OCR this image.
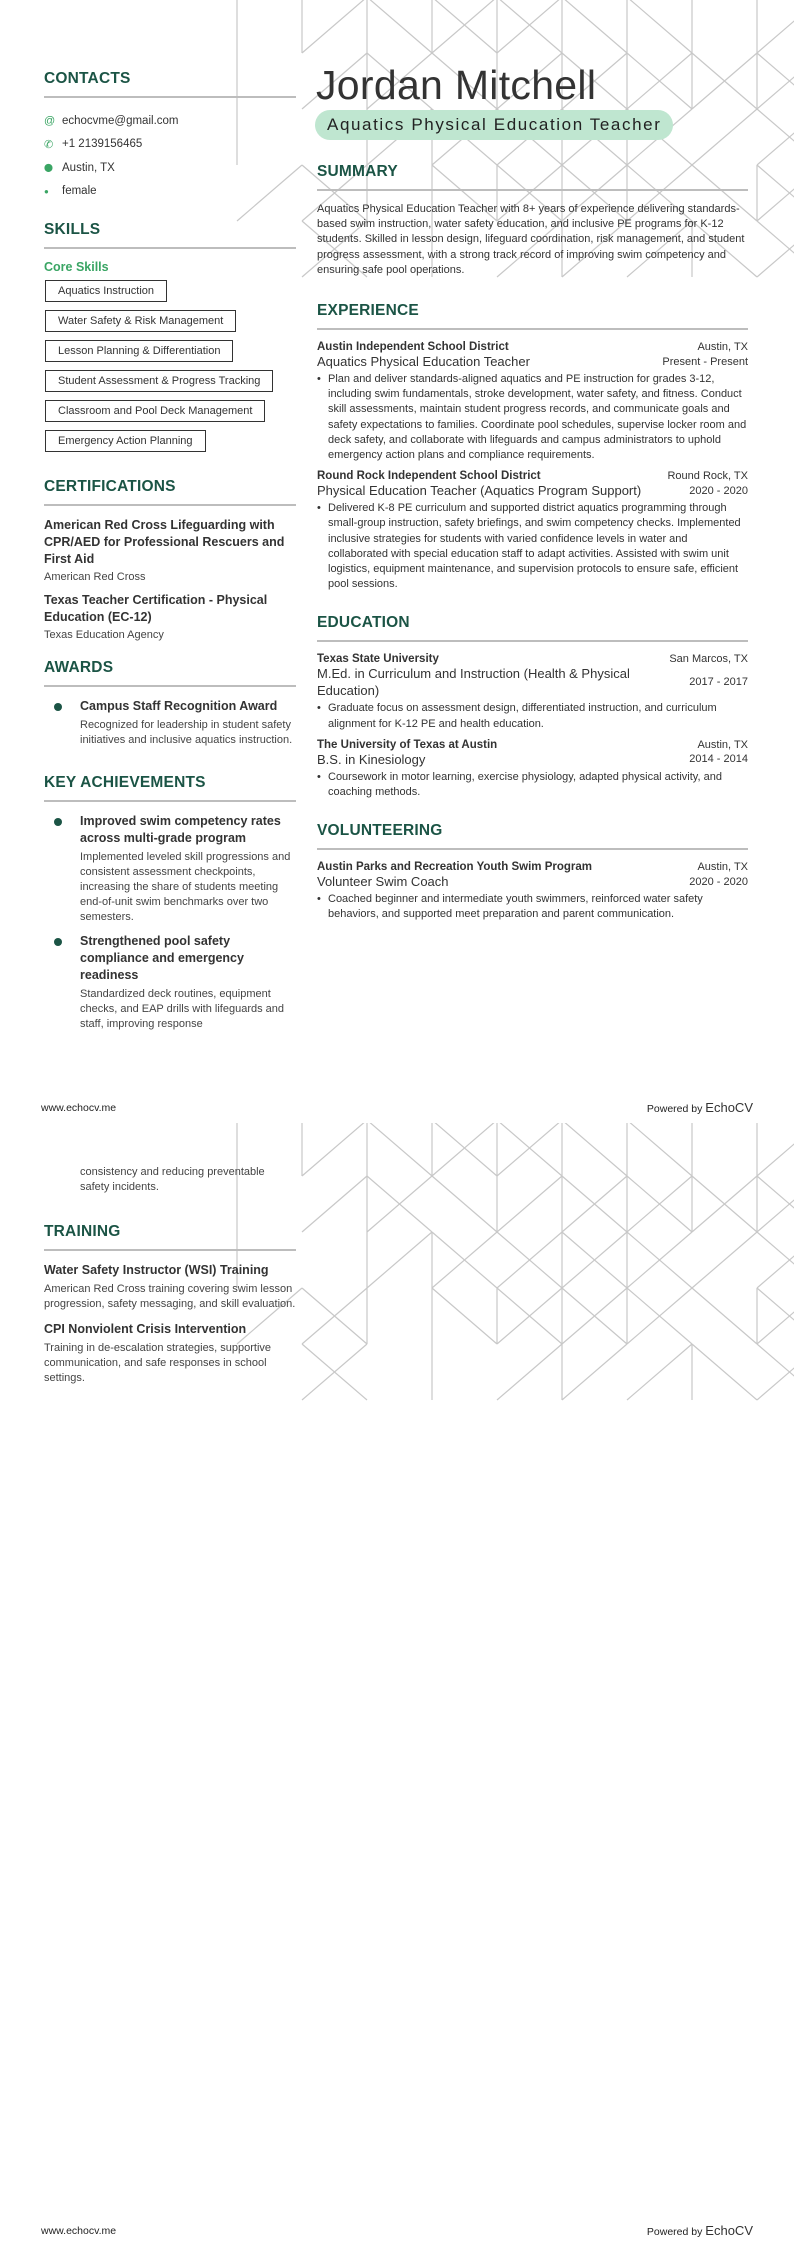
Jordan Mitchell
Aquatics Physical Education Teacher
CONTACTS
@ echocvme@gmail.com
✆ +1 2139156465
⬤ Austin, TX
●	female
SKILLS
Core Skills
Aquatics Instruction
Water Safety & Risk Management
Lesson Planning & Differentiation
Student Assessment & Progress Tracking
Classroom and Pool Deck Management
Emergency Action Planning

CERTIFICATIONS
American Red Cross Lifeguarding with CPR/AED for Professional Rescuers and First Aid
American Red Cross
Texas Teacher Certification - Physical Education (EC-12)
Texas Education Agency
AWARDS
Campus Staff Recognition Award
Recognized for leadership in student safety initiatives and inclusive aquatics instruction.
KEY ACHIEVEMENTS
Improved swim competency rates across multi-grade program
Implemented leveled skill progressions and consistent assessment checkpoints, increasing the share of students meeting end-of-unit swim benchmarks over two semesters.
Strengthened pool safety compliance and emergency readiness
Standardized deck routines, equipment checks, and EAP drills with lifeguards and staff, improving response
SUMMARY
Aquatics Physical Education Teacher with 8+ years of experience delivering standards-based swim instruction, water safety education, and inclusive PE programs for K-12 students. Skilled in lesson design, lifeguard coordination, risk management, and student progress assessment, with a strong track record of improving swim competency and ensuring safe pool operations.
EXPERIENCE
Austin Independent School District	Austin, TX
Aquatics Physical Education Teacher	Present - Present
• Plan and deliver standards-aligned aquatics and PE instruction for grades 3-12, including swim fundamentals, stroke development, water safety, and fitness. Conduct skill assessments, maintain student progress records, and communicate goals and safety expectations to families. Coordinate pool schedules, supervise locker room and deck safety, and collaborate with lifeguards and campus administrators to uphold emergency action plans and compliance requirements.
Round Rock Independent School District	Round Rock, TX
Physical Education Teacher (Aquatics Program Support)	2020 - 2020
• Delivered K-8 PE curriculum and supported district aquatics programming through small-group instruction, safety briefings, and swim competency checks. Implemented inclusive strategies for students with varied confidence levels in water and collaborated with special education staff to adapt activities. Assisted with swim unit logistics, equipment maintenance, and supervision protocols to ensure safe, efficient pool sessions.
EDUCATION
Texas State University	San Marcos, TX
M.Ed. in Curriculum and Instruction (Health & Physical Education)
2017 - 2017
• Graduate focus on assessment design, differentiated instruction, and curriculum alignment for K-12 PE and health education.
The University of Texas at Austin	Austin, TX
B.S. in Kinesiology	2014 - 2014
• Coursework in motor learning, exercise physiology, adapted physical activity, and coaching methods.
VOLUNTEERING
Austin Parks and Recreation Youth Swim Program	Austin, TX
Volunteer Swim Coach	2020 - 2020
• Coached beginner and intermediate youth swimmers, reinforced water safety behaviors, and supported meet preparation and parent communication.
www.echocv.me	Powered by EchoCV
consistency and reducing preventable safety incidents.
TRAINING
Water Safety Instructor (WSI) Training
American Red Cross training covering swim lesson progression, safety messaging, and skill evaluation.
CPI Nonviolent Crisis Intervention
Training in de-escalation strategies, supportive communication, and safe responses in school settings.
www.echocv.me	Powered by EchoCV
